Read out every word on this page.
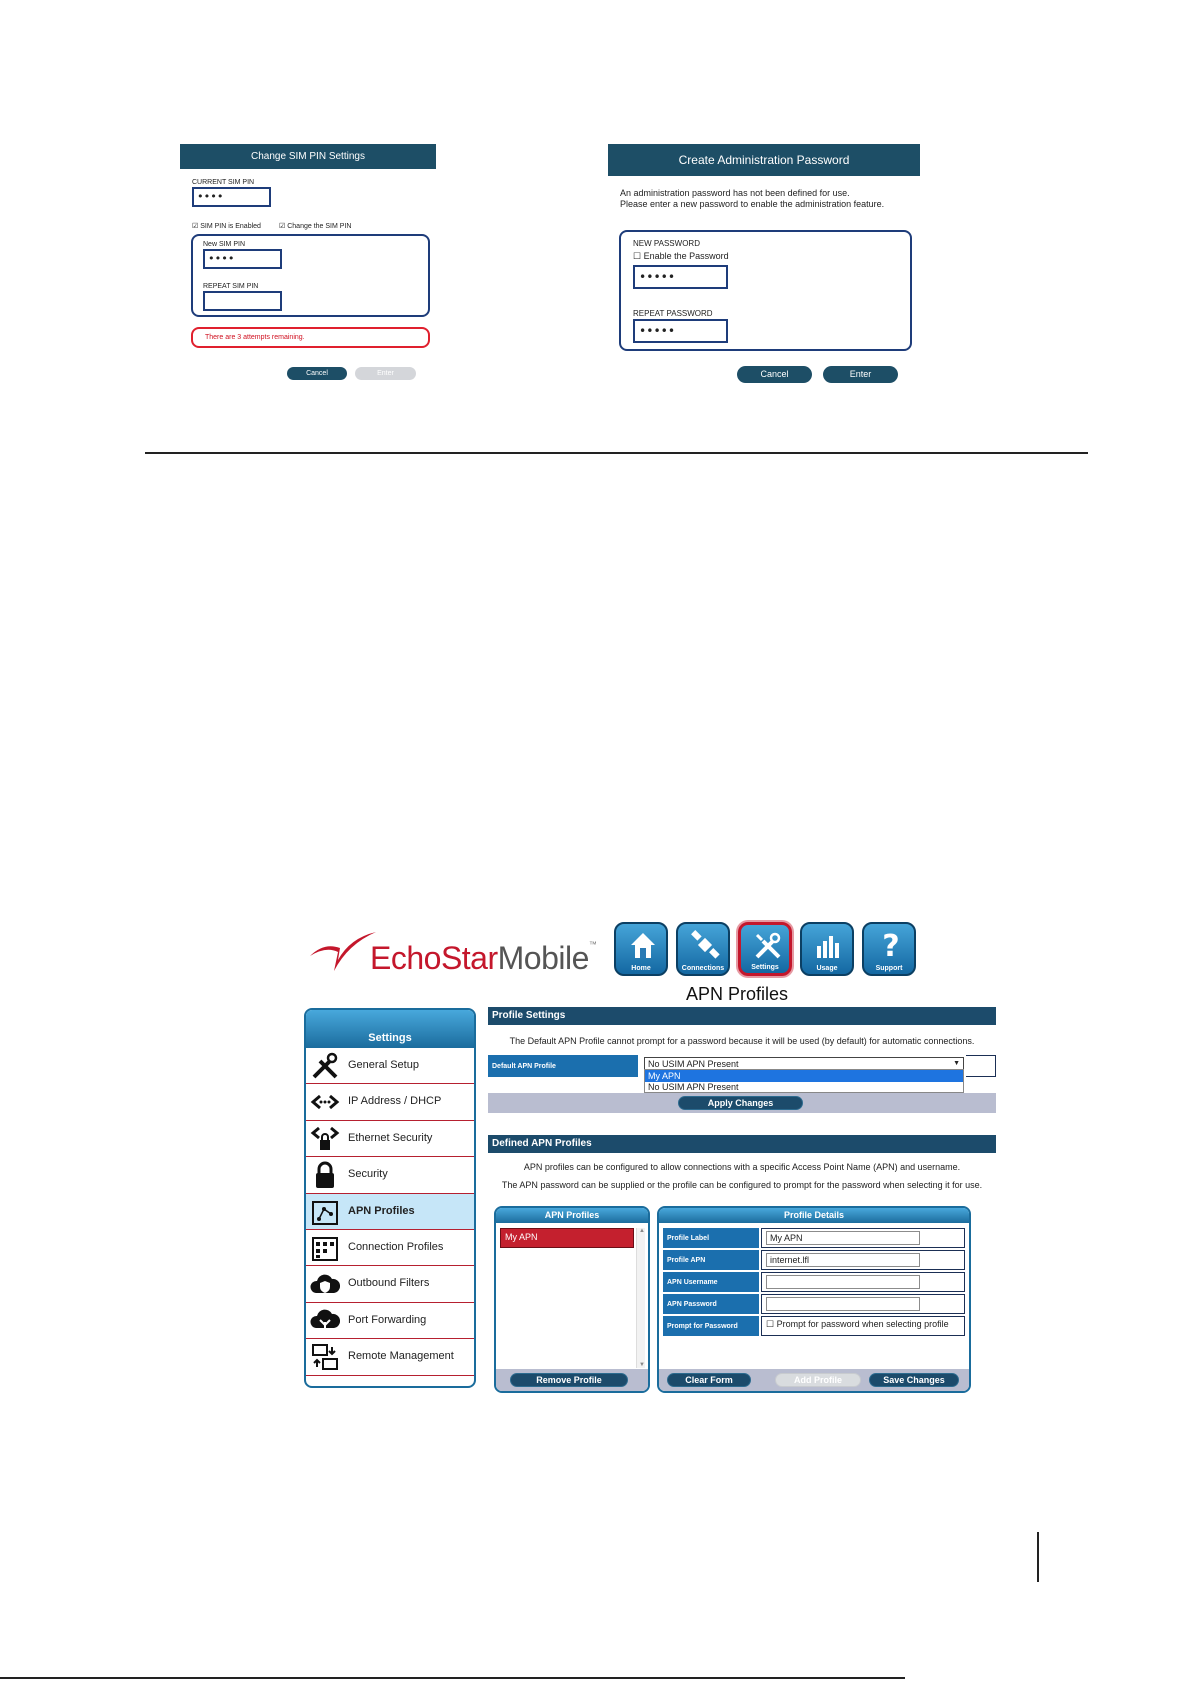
Change SIM PIN Settings
CURRENT SIM PIN
••••
☑ SIM PIN is Enabled	☑ Change the SIM PIN
New SIM PIN
••••
REPEAT SIM PIN
There are 3 attempts remaining.
Cancel	Enter
Create Administration Password
An administration password has not been defined for use.
Please enter a new password to enable the administration feature.
NEW PASSWORD
☐ Enable the Password
•••••
REPEAT PASSWORD
•••••
Cancel	Enter
EchoStarMobile™
Home	Connections	Settings	Usage
?
Support
APN Profiles
Settings
General Setup
IP Address / DHCP
Ethernet Security
Security
APN Profiles
Connection Profiles
Outbound Filters
Port Forwarding
Remote Management
Profile Settings
The Default APN Profile cannot prompt for a password because it will be used (by default) for automatic connections.
Default APN Profile	No USIM APN Present	▼
My APN
No USIM APN Present
Apply Changes
Defined APN Profiles
APN profiles can be configured to allow connections with a specific Access Point Name (APN) and username.
The APN password can be supplied or the profile can be configured to prompt for the password when selecting it for use.
APN Profiles
My APN
▲
▼
Remove Profile
Profile Details
Profile Label	My APN
Profile APN	internet.lfl
APN Username
APN Password
Prompt for Password	☐ Prompt for password when selecting profile
Clear Form	Add Profile	Save Changes
